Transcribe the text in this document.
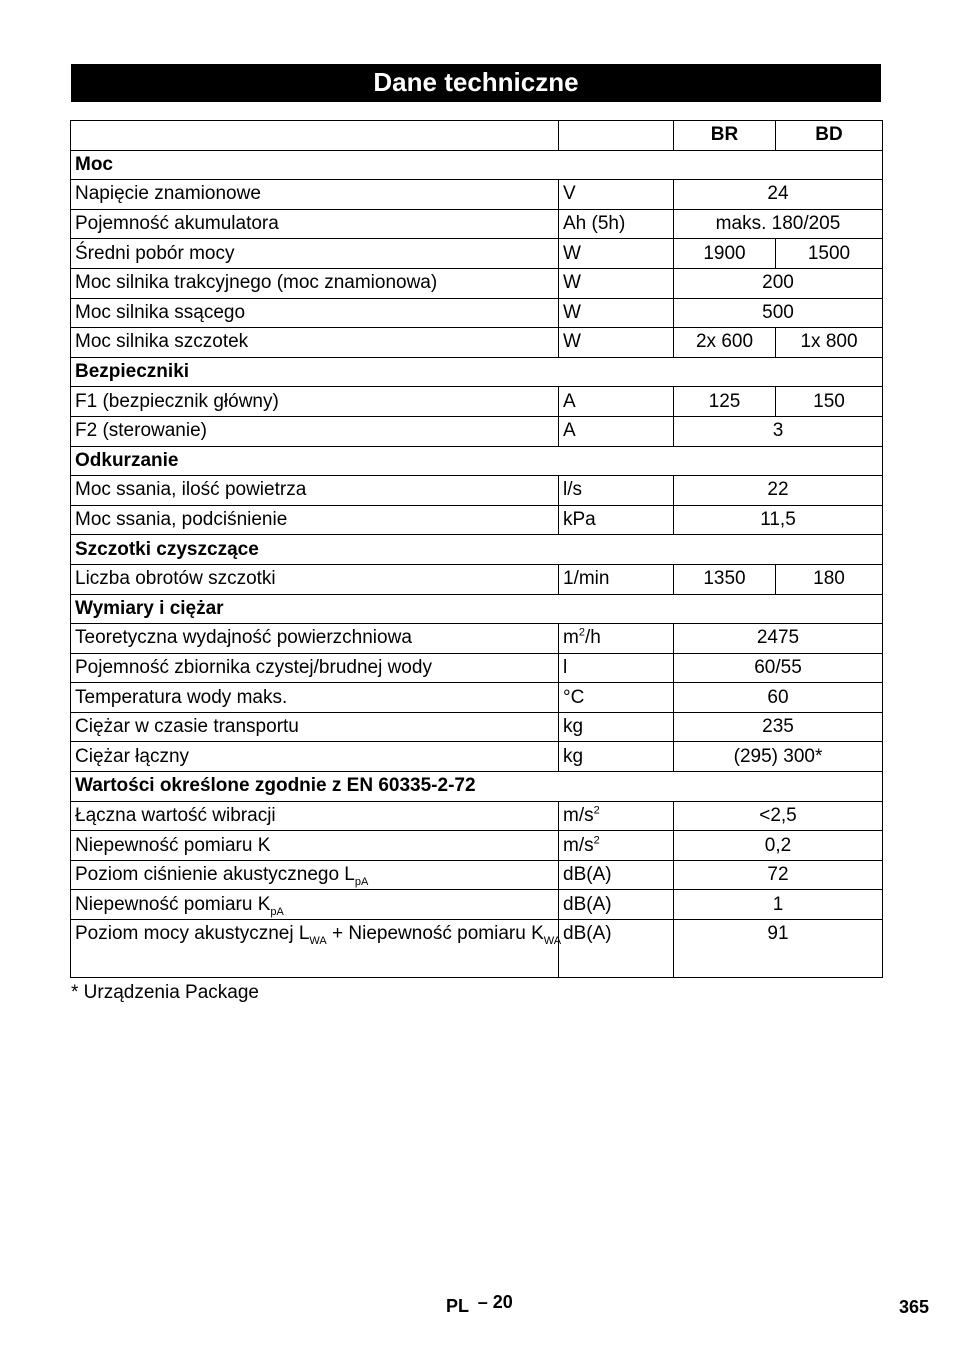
Dane techniczne
		BR	BD
Moc			
Napięcie znamionowe	V	24	
Pojemność akumulatora	Ah (5h)	maks. 180/205	
Średni pobór mocy	W	1900	1500
Moc silnika trakcyjnego (moc znamionowa)	W	200	
Moc silnika ssącego	W	500	
Moc silnika szczotek	W	2x 600	1x 800
Bezpieczniki			
F1 (bezpiecznik główny)	A	125	150
F2 (sterowanie)	A	3	
Odkurzanie			
Moc ssania, ilość powietrza	l/s	22	
Moc ssania, podciśnienie	kPa	11,5	
Szczotki czyszczące			
Liczba obrotów szczotki	1/min	1350	180
Wymiary i ciężar			
Teoretyczna wydajność powierzchniowa	$m^2/h$	2475	
Pojemność zbiornika czystej/brudnej wody	l	60/55	
Temperatura wody maks.	°C	60	
Ciężar w czasie transportu	kg	235	
Ciężar łączny	kg	(295) 300*	
Wartości określone zgodnie z EN 60335-2-72			
Łączna wartość wibracji	$m/s^2$	<2,5	
Niepewność pomiaru K	$m/s^2$	0,2	
Poziom ciśnienie akustycznego $L_{pA}$	dB(A)	72	
Niepewność pomiaru $K_{pA}$	dB(A)	1	
Poziom mocy akustycznej $L_{WA}$ + Niepewność pomiaru $K_{WA}$	dB(A)	91	
* Urządzenia Package
PL – 20	365
